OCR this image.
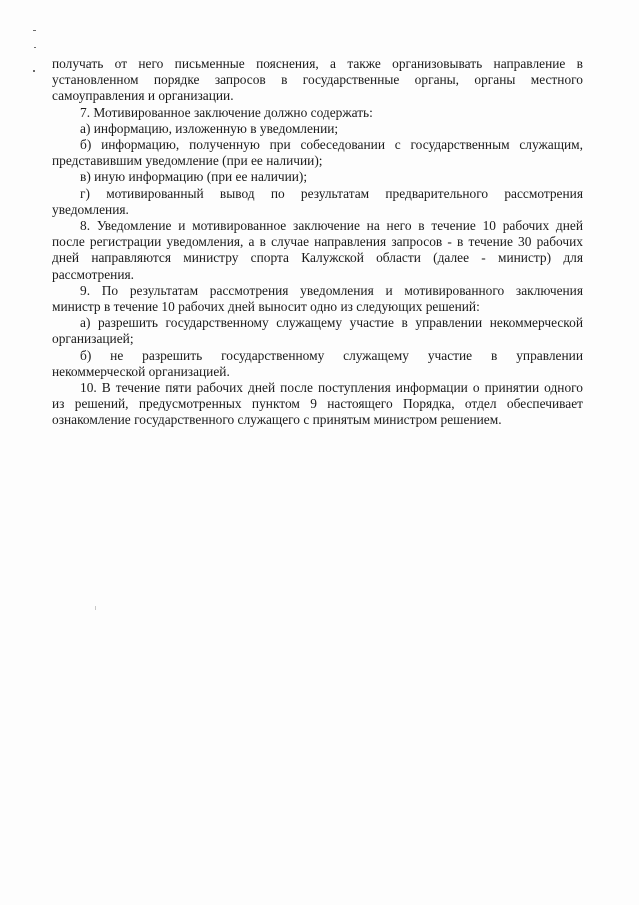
получать от него письменные пояснения, а также организовывать направление в
установленном порядке запросов в государственные органы, органы местного
самоуправления и организации.
7. Мотивированное заключение должно содержать:
а) информацию, изложенную в уведомлении;
б) информацию, полученную при собеседовании с государственным служащим,
представившим уведомление (при ее наличии);
в) иную информацию (при ее наличии);
г) мотивированный вывод по результатам предварительного рассмотрения
уведомления.
8. Уведомление и мотивированное заключение на него в течение 10 рабочих дней
после регистрации уведомления, а в случае направления запросов - в течение 30 рабочих
дней направляются министру спорта Калужской области (далее - министр) для
рассмотрения.
9. По результатам рассмотрения уведомления и мотивированного заключения
министр в течение 10 рабочих дней выносит одно из следующих решений:
а) разрешить государственному служащему участие в управлении некоммерческой
организацией;
б) не разрешить государственному служащему участие в управлении
некоммерческой организацией.
10. В течение пяти рабочих дней после поступления информации о принятии одного
из решений, предусмотренных пунктом 9 настоящего Порядка, отдел обеспечивает
ознакомление государственного служащего с принятым министром решением.
